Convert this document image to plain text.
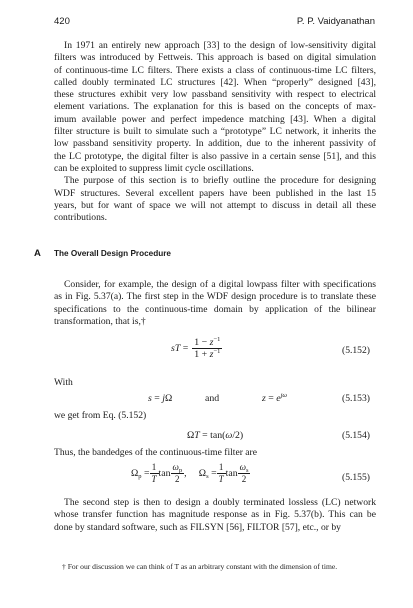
420	P. P. Vaidyanathan
In 1971 an entirely new approach [33] to the design of low-sensitivity digital
filters was introduced by Fettweis. This approach is based on digital simulation
of continuous-time LC filters. There exists a class of continuous-time LC filters,
called doubly terminated LC structures [42]. When “properly” designed [43],
these structures exhibit very low passband sensitivity with respect to electrical
element variations. The explanation for this is based on the concepts of max-
imum available power and perfect impedence matching [43]. When a digital
filter structure is built to simulate such a “prototype” LC network, it inherits the
low passband sensitivity property. In addition, due to the inherent passivity of
the LC prototype, the digital filter is also passive in a certain sense [51], and this
can be exploited to suppress limit cycle oscillations.
The purpose of this section is to briefly outline the procedure for designing
WDF structures. Several excellent papers have been published in the last 15
years, but for want of space we will not attempt to discuss in detail all these
contributions.
A The Overall Design Procedure
Consider, for example, the design of a digital lowpass filter with specifications
as in Fig. 5.37(a). The first step in the WDF design procedure is to translate these
specifications to the continuous-time domain by application of the bilinear
transformation, that is,†
sT = $\frac{1 - z^{-1}}{1 + z^{-1}}$	(5.152)
With
s = jΩ	and	$z = e^{j\omega}$	(5.153)
we get from Eq. (5.152)
ΩT = tan(ω/2)	(5.154)
Thus, the bandedges of the continuous-time filter are
$\Omega_p = \frac{1}{T}$ $\tan \frac{\omega_p}{2}$ ,     $\Omega_s = \frac{1}{T}$ $\tan \frac{\omega_s}{2}$	(5.155)
The second step is then to design a doubly terminated lossless (LC) network
whose transfer function has magnitude response as in Fig. 5.37(b). This can be
done by standard software, such as FILSYN [56], FILTOR [57], etc., or by
† For our discussion we can think of T as an arbitrary constant with the dimension of time.
